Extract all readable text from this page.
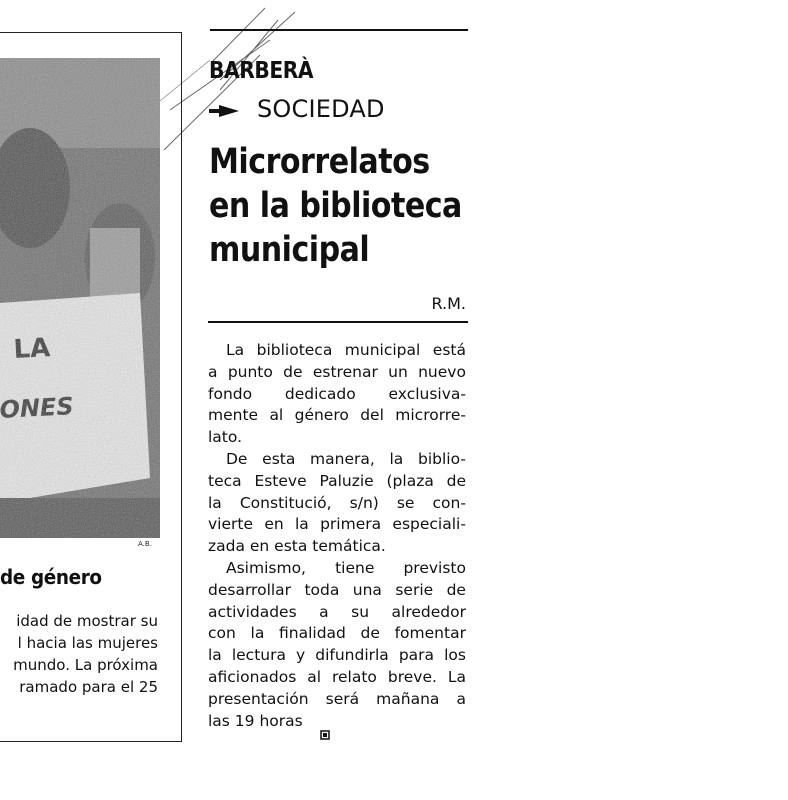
A.B.
de género
idad de mostrar su
l hacia las mujeres
mundo. La próxima
ramado para el 25
BARBERÀ
SOCIEDAD
Microrrelatos
en la biblioteca
municipal
R.M.
La biblioteca municipal está
a punto de estrenar un nuevo
fondo dedicado exclusiva-
mente al género del microrre-
lato.
De esta manera, la biblio-
teca Esteve Paluzie (plaza de
la Constitució, s/n) se con-
vierte en la primera especiali-
zada en esta temática.
Asimismo, tiene previsto
desarrollar toda una serie de
actividades a su alrededor
con la finalidad de fomentar
la lectura y difundirla para los
aficionados al relato breve. La
presentación será mañana a
las 19 horas
